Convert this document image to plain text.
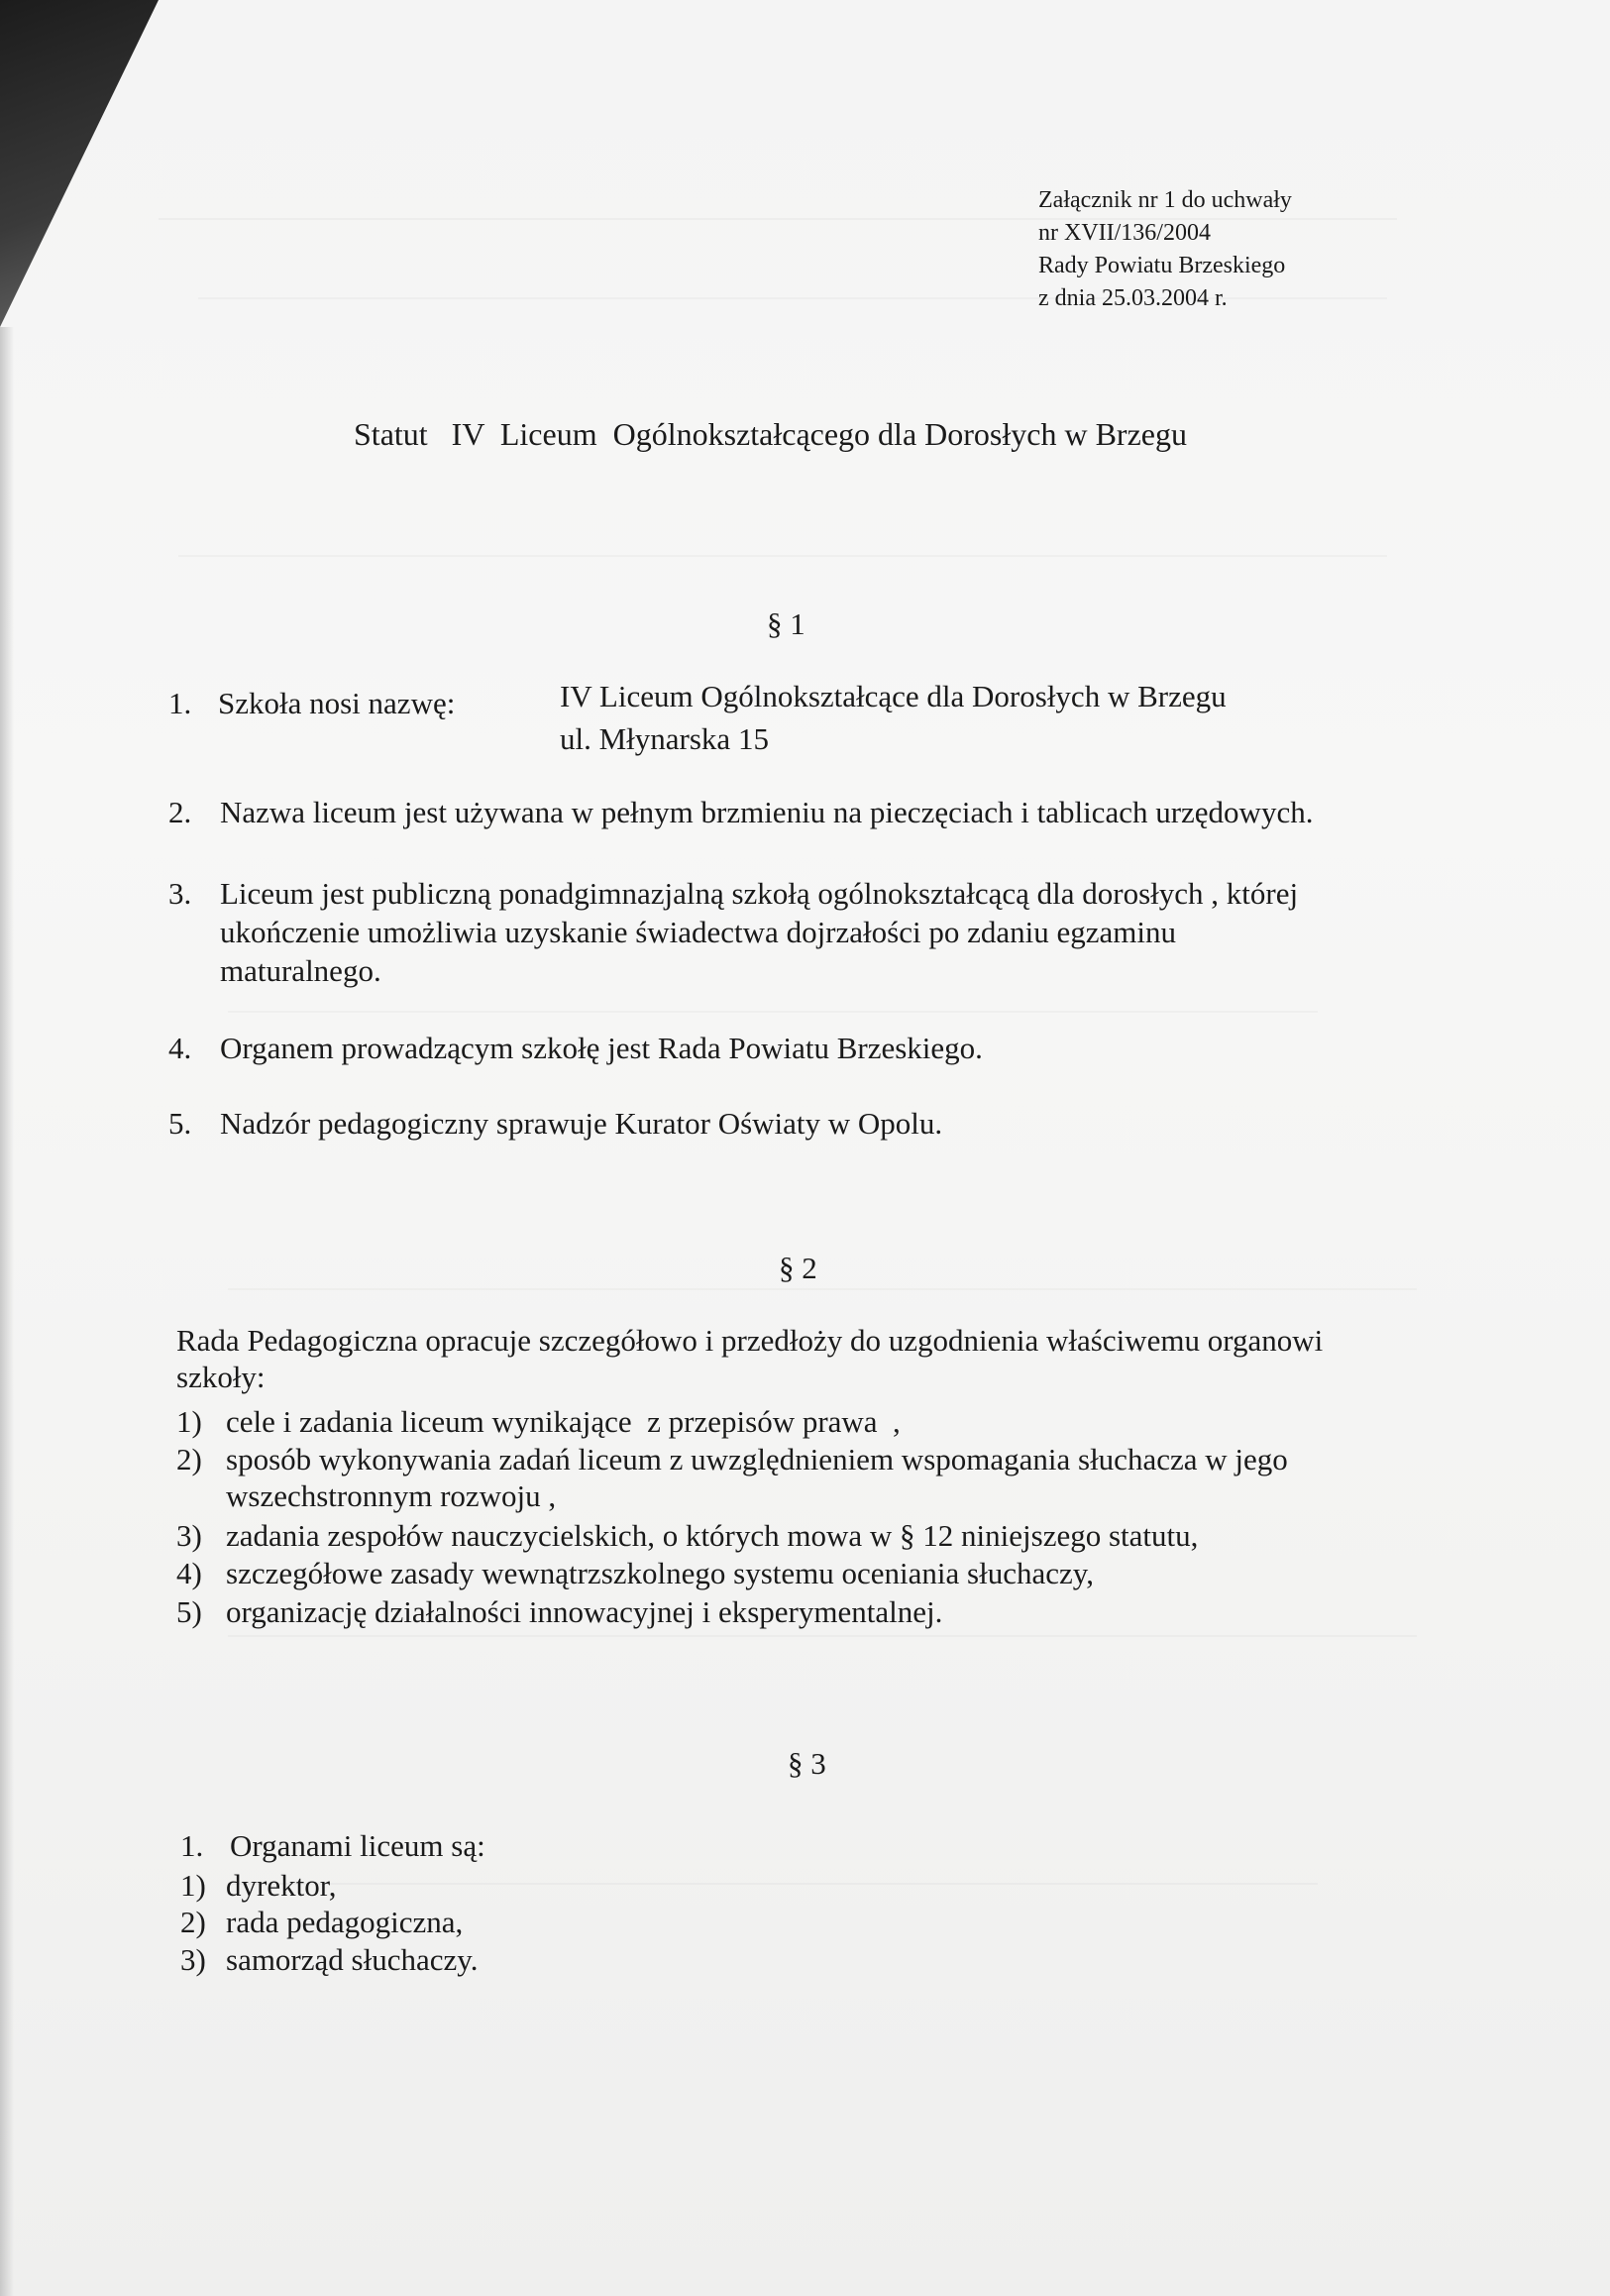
Załącznik nr 1 do uchwały
nr XVII/136/2004
Rady Powiatu Brzeskiego
z dnia 25.03.2004 r.
Statut   IV  Liceum  Ogólnokształcącego dla Dorosłych w Brzegu
§ 1
1. Szkoła nosi nazwę:	IV Liceum Ogólnokształcące dla Dorosłych w Brzegu
ul. Młynarska 15
2. Nazwa liceum jest używana w pełnym brzmieniu na pieczęciach i tablicach urzędowych.
3. Liceum jest publiczną ponadgimnazjalną szkołą ogólnokształcącą dla dorosłych , której
ukończenie umożliwia uzyskanie świadectwa dojrzałości po zdaniu egzaminu
maturalnego.
4. Organem prowadzącym szkołę jest Rada Powiatu Brzeskiego.
5. Nadzór pedagogiczny sprawuje Kurator Oświaty w Opolu.
§ 2
Rada Pedagogiczna opracuje szczegółowo i przedłoży do uzgodnienia właściwemu organowi
szkoły:
1) cele i zadania liceum wynikające  z przepisów prawa  ,
2) sposób wykonywania zadań liceum z uwzględnieniem wspomagania słuchacza w jego
wszechstronnym rozwoju ,
3) zadania zespołów nauczycielskich, o których mowa w § 12 niniejszego statutu,
4) szczegółowe zasady wewnątrzszkolnego systemu oceniania słuchaczy,
5) organizację działalności innowacyjnej i eksperymentalnej.
§ 3
1. Organami liceum są:
1) dyrektor,
2) rada pedagogiczna,
3) samorząd słuchaczy.
